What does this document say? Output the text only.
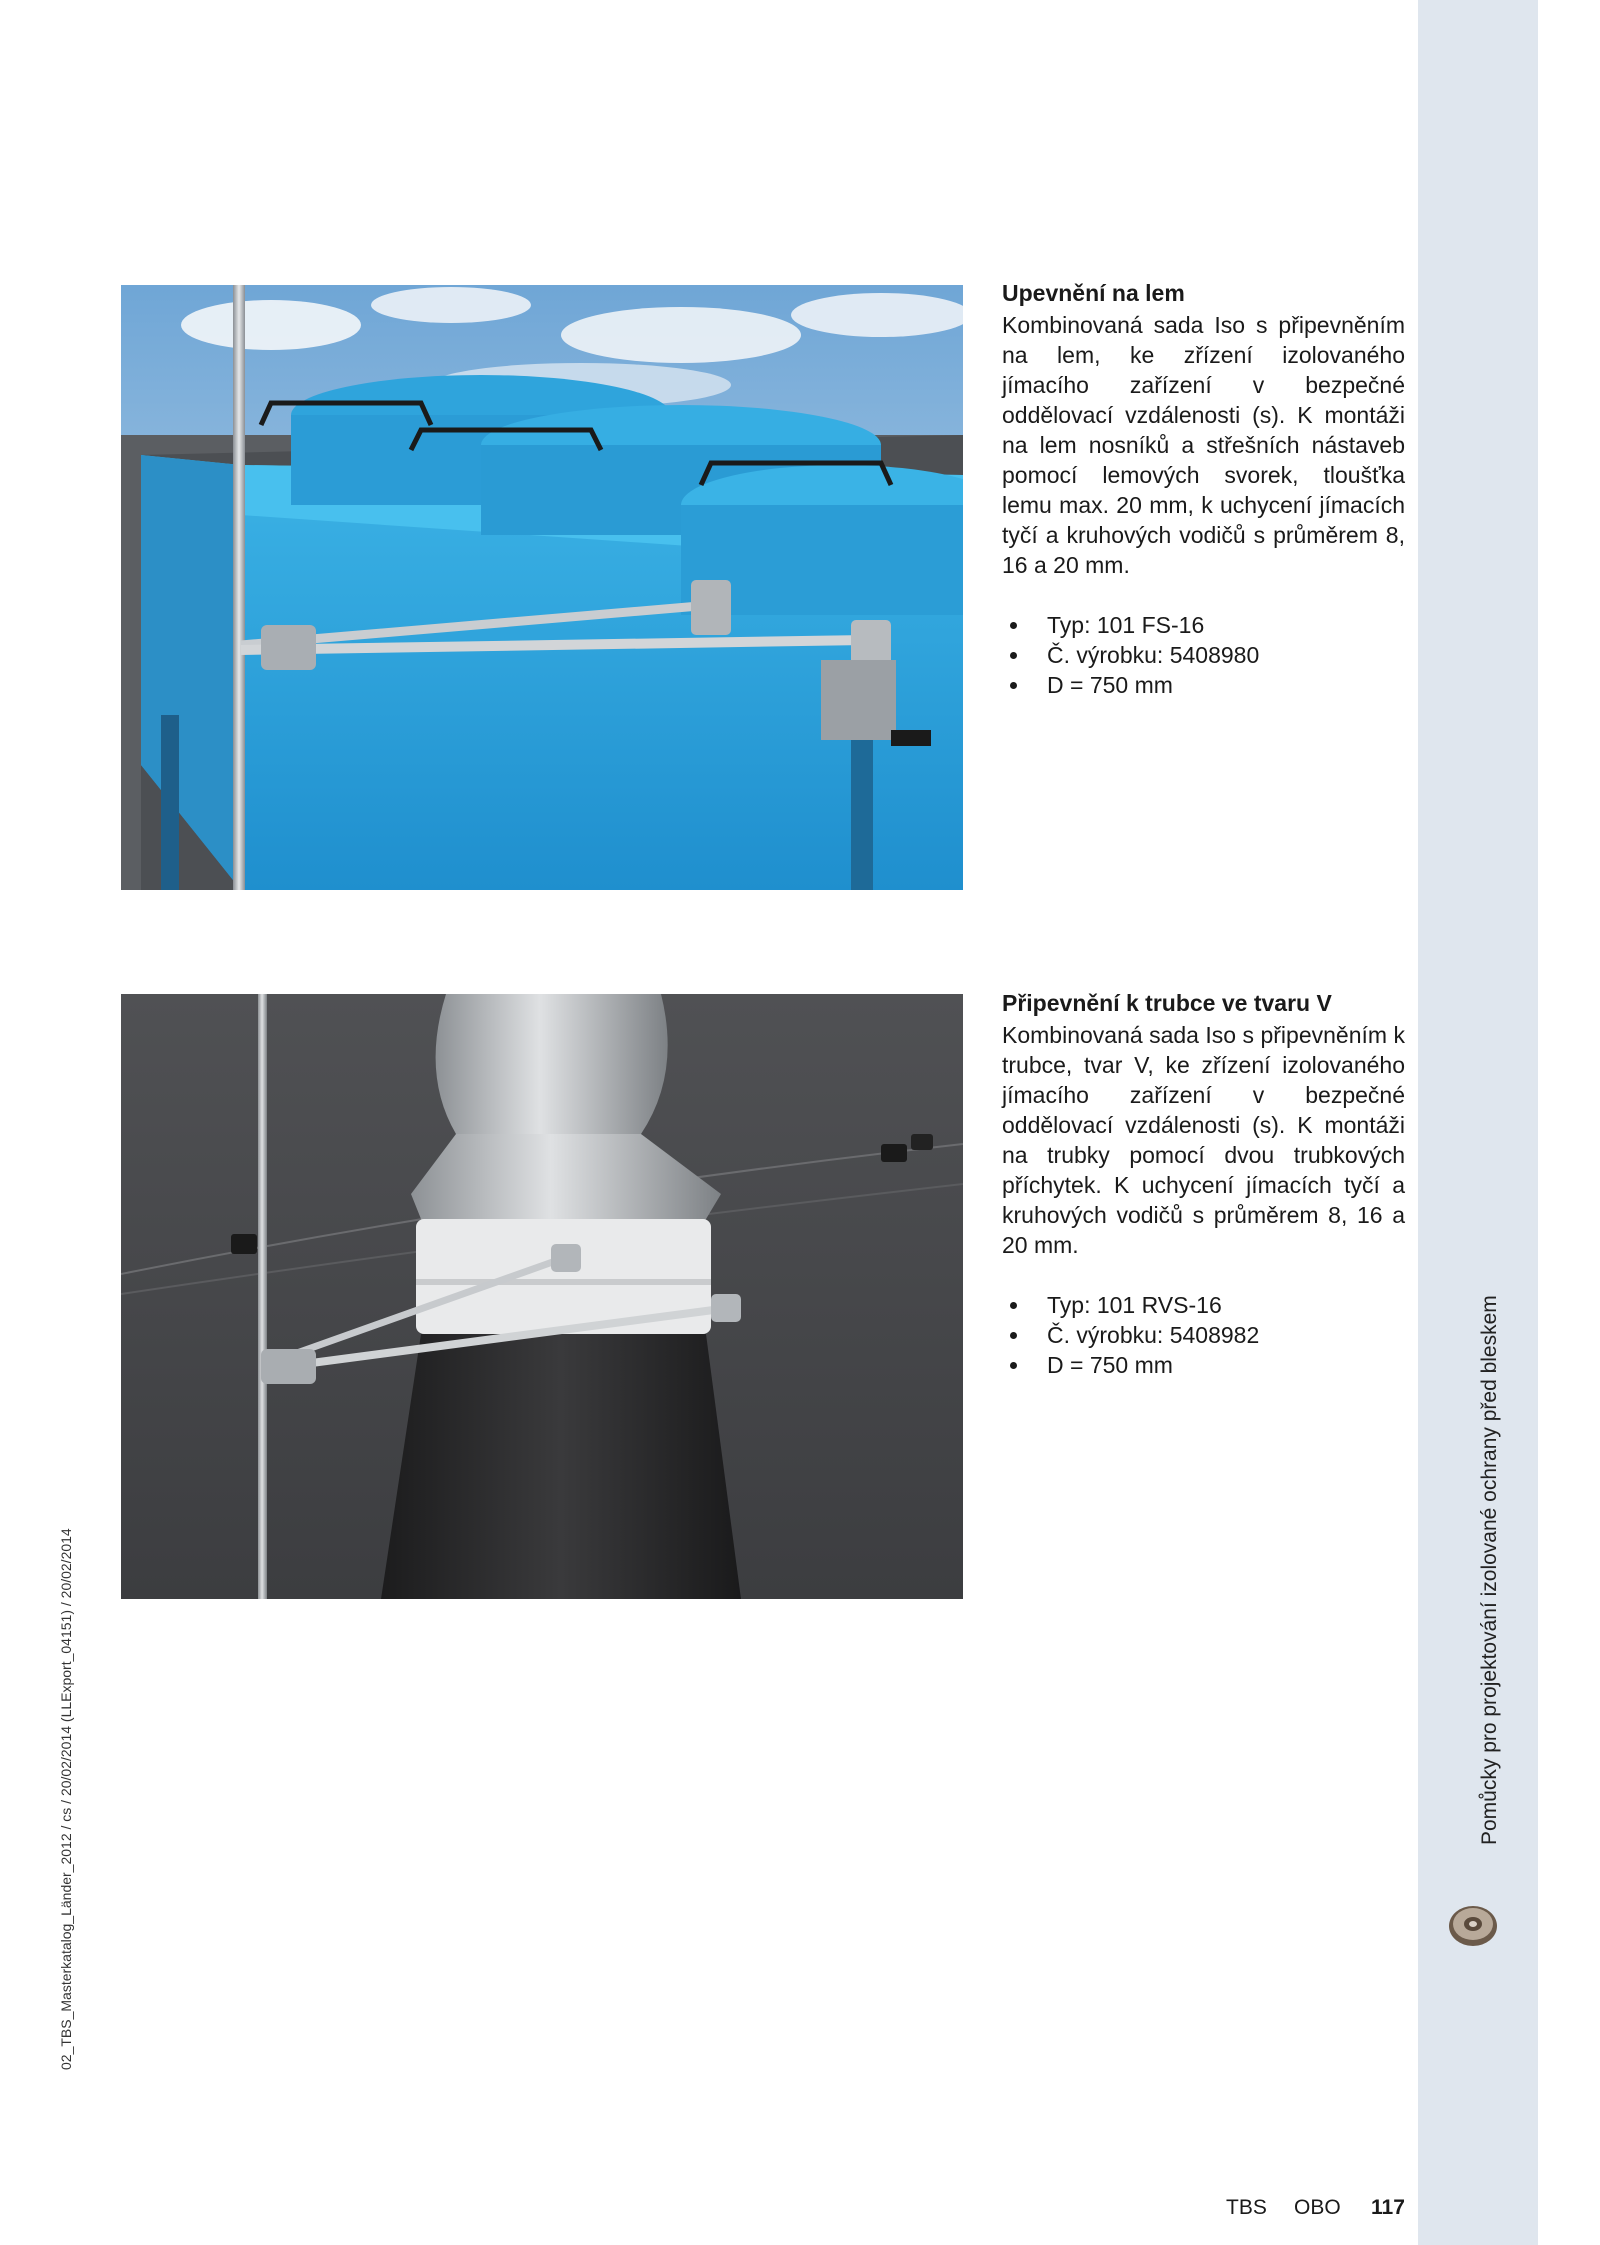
Pomůcky pro projektování izolované ochrany před bleskem
02_TBS_Masterkatalog_Länder_2012 / cs / 20/02/2014 (LLExport_04151) / 20/02/2014

Upevnění na lem

Kombinovaná sada Iso s připevněním na lem, ke zřízení izolovaného jímacího zařízení v bezpečné oddělovací vzdálenosti (s). K montáži na lem nosníků a střešních nástaveb pomocí lemových svorek, tloušťka lemu max. 20 mm, k uchycení jímacích tyčí a kruhových vodičů s průměrem 8, 16 a 20 mm.

Typ: 101 FS-16
Č. výrobku: 5408980
D = 750 mm

Připevnění k trubce ve tvaru V

Kombinovaná sada Iso s připevněním k trubce, tvar V, ke zřízení izolovaného jímacího zařízení v bezpečné oddělovací vzdálenosti (s). K montáži na trubky pomocí dvou trubkových příchytek. K uchycení jímacích tyčí a kruhových vodičů s průměrem 8, 16 a 20 mm.

Typ: 101 RVS-16
Č. výrobku: 5408982
D = 750 mm
TBS OBO 117
